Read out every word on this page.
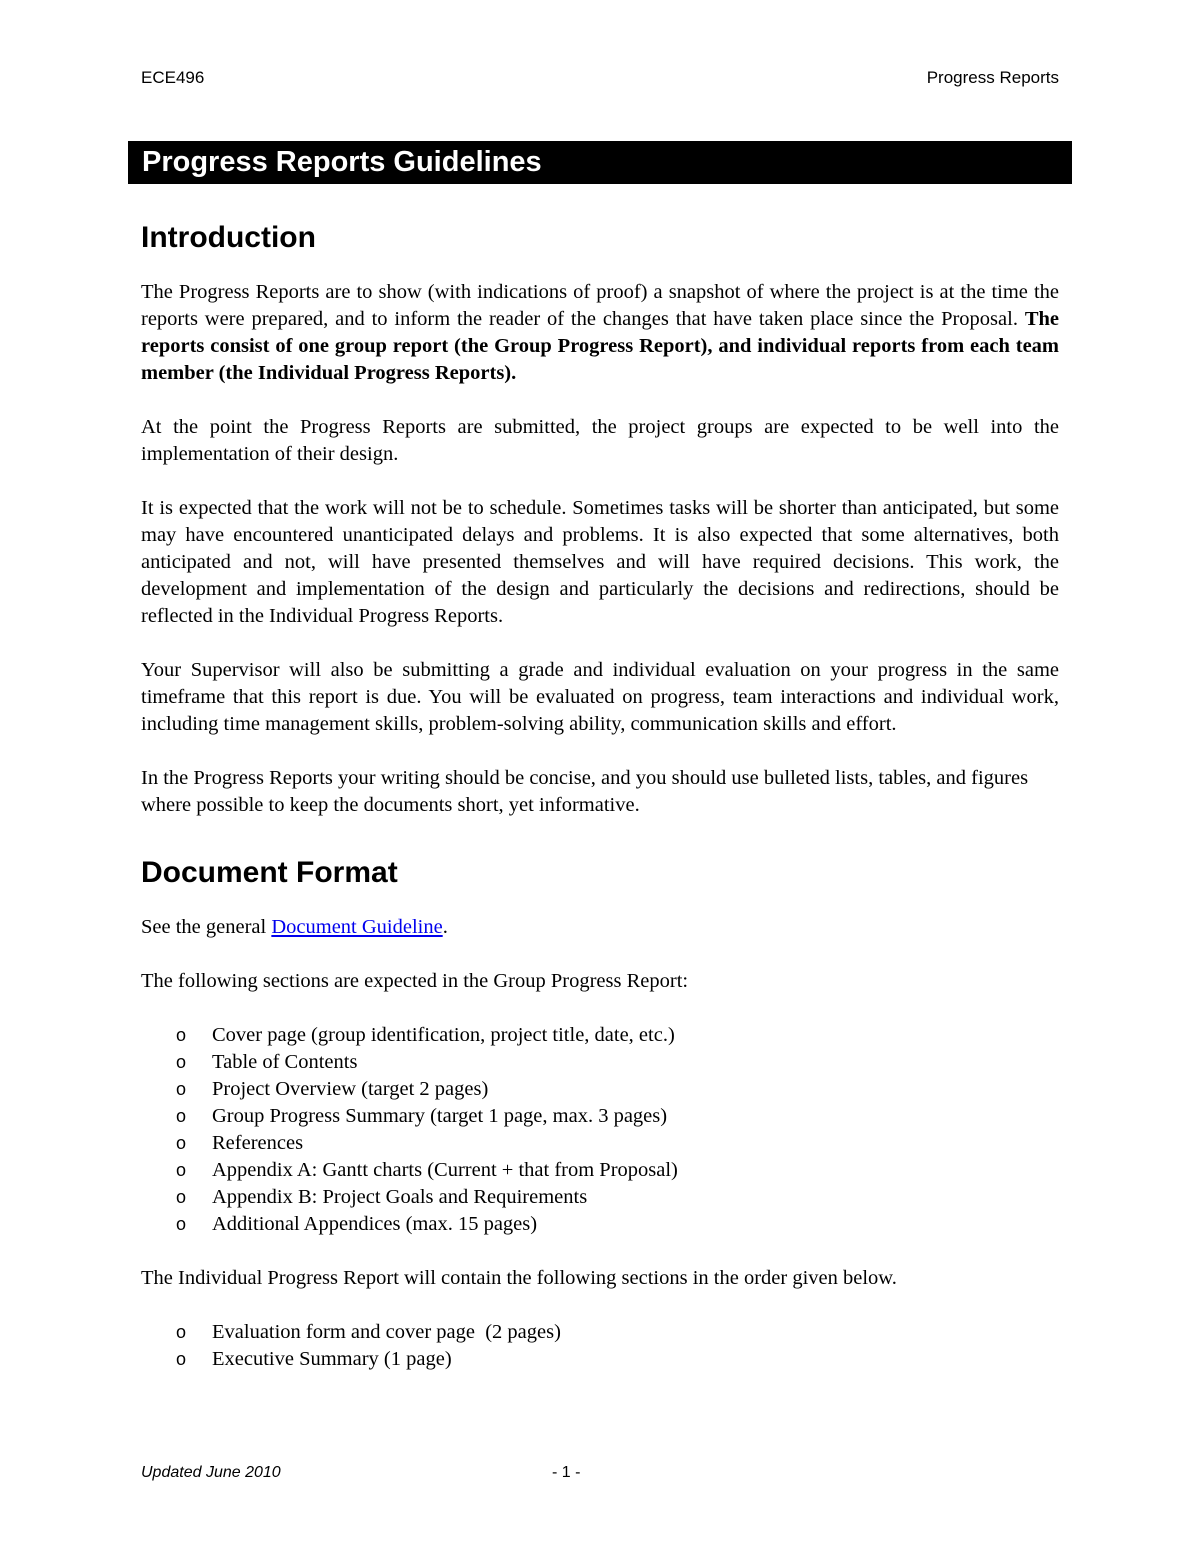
ECE496	Progress Reports
Progress Reports Guidelines
Introduction

The Progress Reports are to show (with indications of proof) a snapshot of where the project is at the time the reports were prepared, and to inform the reader of the changes that have taken place since the Proposal. The reports consist of one group report (the Group Progress Report), and individual reports from each team member (the Individual Progress Reports).

At the point the Progress Reports are submitted, the project groups are expected to be well into the implementation of their design.

It is expected that the work will not be to schedule. Sometimes tasks will be shorter than anticipated, but some may have encountered unanticipated delays and problems. It is also expected that some alternatives, both anticipated and not, will have presented themselves and will have required decisions. This work, the development and implementation of the design and particularly the decisions and redirections, should be reflected in the Individual Progress Reports.

Your Supervisor will also be submitting a grade and individual evaluation on your progress in the same timeframe that this report is due. You will be evaluated on progress, team interactions and individual work, including time management skills, problem-solving ability, communication skills and effort.

In the Progress Reports your writing should be concise, and you should use bulleted lists, tables, and figures where possible to keep the documents short, yet informative.

Document Format

See the general Document Guideline.

The following sections are expected in the Group Progress Report:

o Cover page (group identification, project title, date, etc.)
o Table of Contents
o Project Overview (target 2 pages)
o Group Progress Summary (target 1 page, max. 3 pages)
o References
o Appendix A: Gantt charts (Current + that from Proposal)
o Appendix B: Project Goals and Requirements
o Additional Appendices (max. 15 pages)

The Individual Progress Report will contain the following sections in the order given below.

o Evaluation form and cover page  (2 pages)
o Executive Summary (1 page)
Updated June 2010	- 1 -
